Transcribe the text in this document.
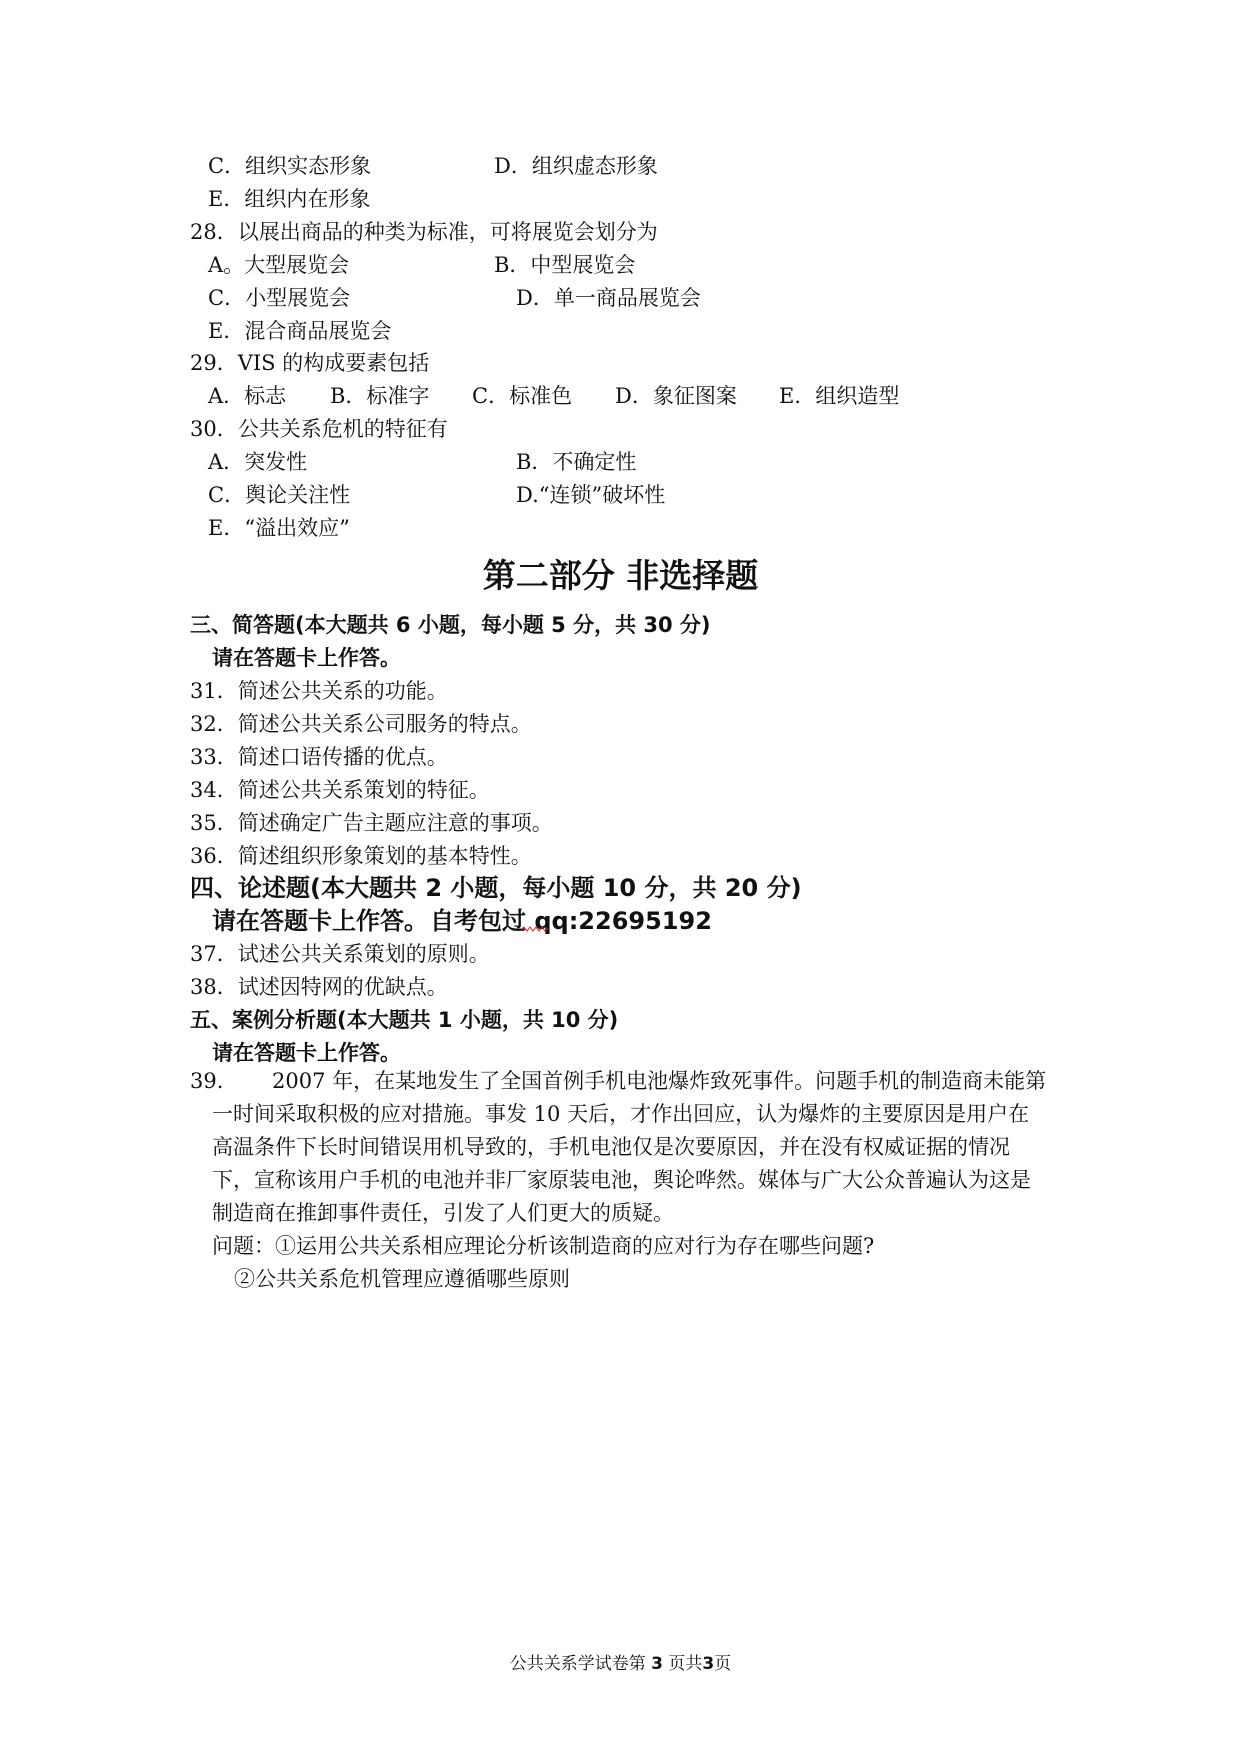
C．组织实态形象	D．组织虚态形象
E．组织内在形象
28．以展出商品的种类为标准，可将展览会划分为
A。大型展览会	B．中型展览会
C．小型展览会	D．单一商品展览会
E．混合商品展览会
29．VIS 的构成要素包括
A．标志 B．标准字 C．标准色 D．象征图案 E．组织造型
30．公共关系危机的特征有
A．突发性	B．不确定性
C．舆论关注性	D.“连锁”破坏性
E．“溢出效应”
第二部分 非选择题
三、简答题(本大题共 6 小题，每小题 5 分，共 30 分)
请在答题卡上作答。
31．简述公共关系的功能。
32．简述公共关系公司服务的特点。
33．简述口语传播的优点。
34．简述公共关系策划的特征。
35．简述确定广告主题应注意的事项。
36．简述组织形象策划的基本特性。
四、论述题(本大题共 2 小题，每小题 10 分，共 20 分)
请在答题卡上作答。 自考包过 qq:22695192
37．试述公共关系策划的原则。
38．试述因特网的优缺点。
五、案例分析题(本大题共 1 小题，共 10 分)
请在答题卡上作答。
39.	2007 年，在某地发生了全国首例手机电池爆炸致死事件。问题手机的制造商未能第一时间采取积极的应对措施。事发 10 天后，才作出回应，认为爆炸的主要原因是用户在高温条件下长时间错误用机导致的，手机电池仅是次要原因，并在没有权威证据的情况下，宣称该用户手机的电池并非厂家原装电池，舆论哗然。媒体与广大公众普遍认为这是制造商在推卸事件责任，引发了人们更大的质疑。
问题：①运用公共关系相应理论分析该制造商的应对行为存在哪些问题?
②公共关系危机管理应遵循哪些原则
公共关系学试卷第 3 页共3页
